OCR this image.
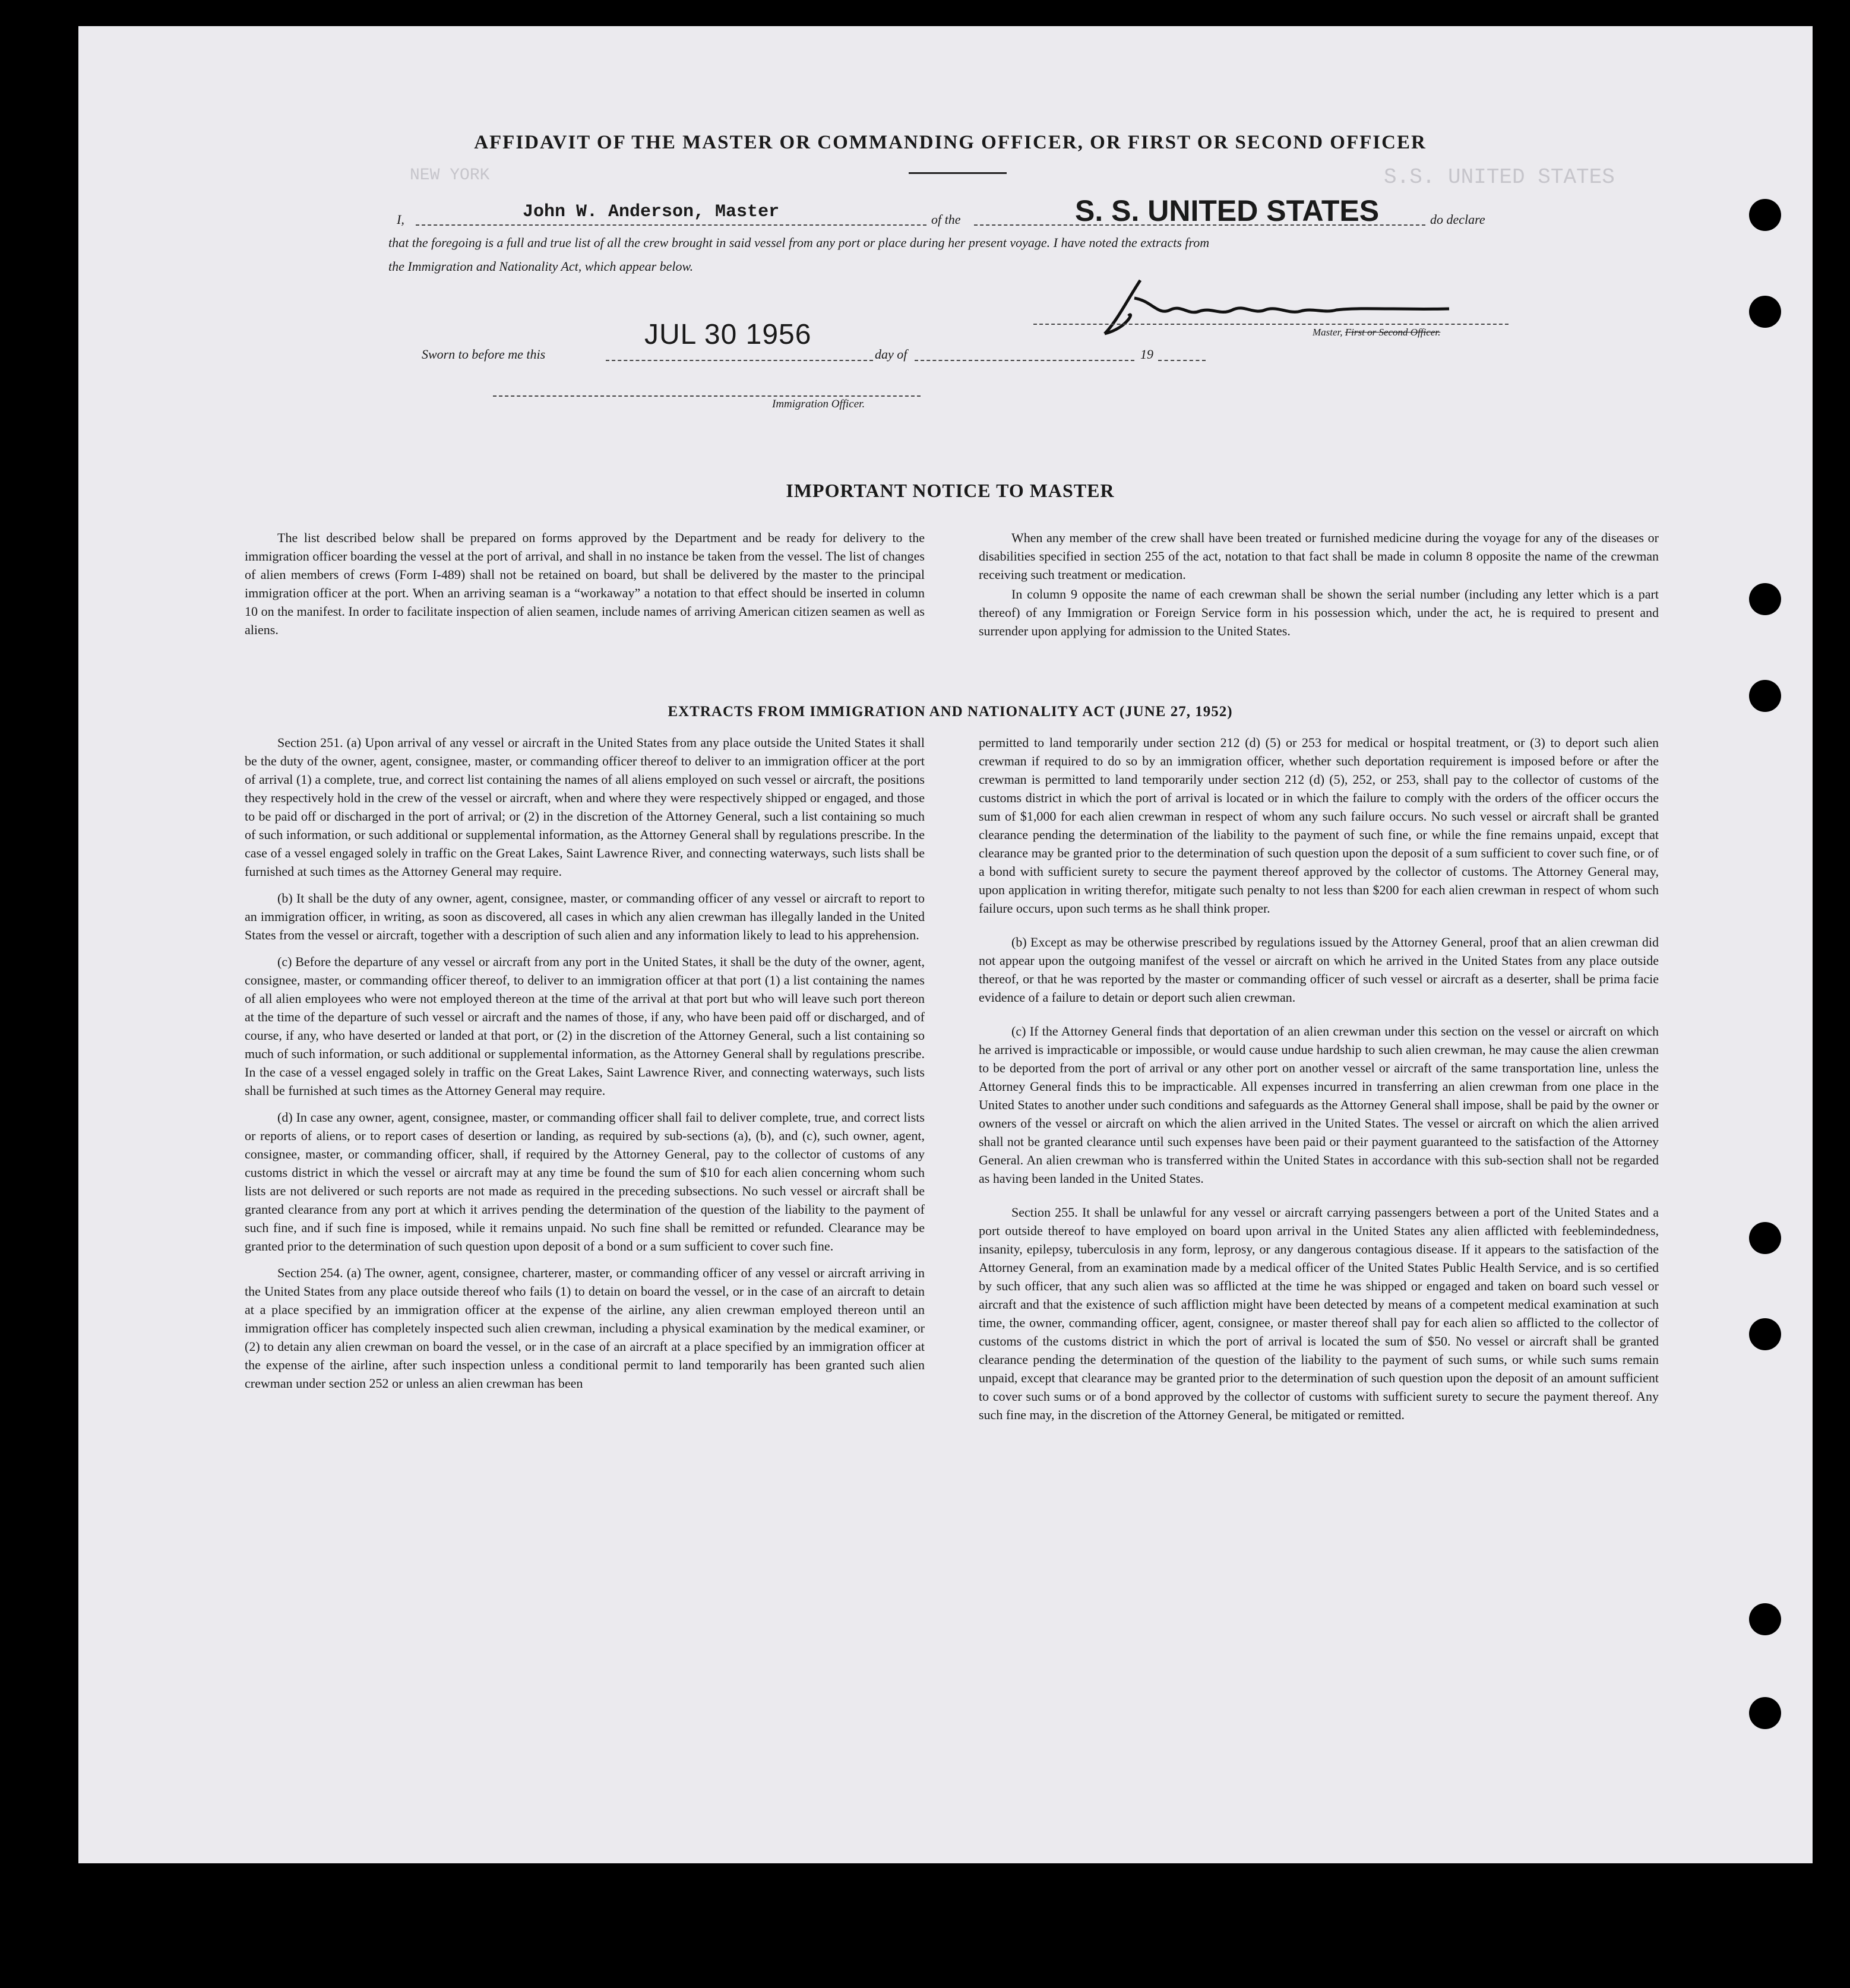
NEW YORK	S.S. UNITED STATES
AFFIDAVIT OF THE MASTER OR COMMANDING OFFICER, OR FIRST OR SECOND OFFICER
I,	John W. Anderson, Master	of the	S. S. UNITED STATES	do declare

that the foregoing is a full and true list of all the crew brought in said vessel from any port or place during her present voyage. I have noted the extracts from

the Immigration and Nationality Act, which appear below.

Master, First or Second Officer.
Sworn to before me this
JUL 30 1956
day of	19
Immigration Officer.
IMPORTANT NOTICE TO MASTER

The list described below shall be prepared on forms approved by the Department and be ready for delivery to the immigration officer boarding the vessel at the port of arrival, and shall in no instance be taken from the vessel. The list of changes of alien members of crews (Form I-489) shall not be retained on board, but shall be delivered by the master to the principal immigration officer at the port. When an arriving seaman is a “workaway” a notation to that effect should be inserted in column 10 on the manifest. In order to facilitate inspection of alien seamen, include names of arriving American citizen seamen as well as aliens.

When any member of the crew shall have been treated or furnished medicine during the voyage for any of the diseases or disabilities specified in section 255 of the act, notation to that fact shall be made in column 8 opposite the name of the crewman receiving such treatment or medication.

In column 9 opposite the name of each crewman shall be shown the serial number (including any letter which is a part thereof) of any Immigration or Foreign Service form in his possession which, under the act, he is required to present and surrender upon applying for admission to the United States.

EXTRACTS FROM IMMIGRATION AND NATIONALITY ACT (JUNE 27, 1952)

Section 251. (a) Upon arrival of any vessel or aircraft in the United States from any place outside the United States it shall be the duty of the owner, agent, consignee, master, or commanding officer thereof to deliver to an immigration officer at the port of arrival (1) a complete, true, and correct list containing the names of all aliens employed on such vessel or aircraft, the positions they respectively hold in the crew of the vessel or aircraft, when and where they were respectively shipped or engaged, and those to be paid off or discharged in the port of arrival; or (2) in the discretion of the Attorney General, such a list containing so much of such information, or such additional or supplemental information, as the Attorney General shall by regulations prescribe. In the case of a vessel engaged solely in traffic on the Great Lakes, Saint Lawrence River, and connecting waterways, such lists shall be furnished at such times as the Attorney General may require.

(b) It shall be the duty of any owner, agent, consignee, master, or commanding officer of any vessel or aircraft to report to an immigration officer, in writing, as soon as discovered, all cases in which any alien crewman has illegally landed in the United States from the vessel or aircraft, together with a description of such alien and any information likely to lead to his apprehension.

(c) Before the departure of any vessel or aircraft from any port in the United States, it shall be the duty of the owner, agent, consignee, master, or commanding officer thereof, to deliver to an immigration officer at that port (1) a list containing the names of all alien employees who were not employed thereon at the time of the arrival at that port but who will leave such port thereon at the time of the departure of such vessel or aircraft and the names of those, if any, who have been paid off or discharged, and of course, if any, who have deserted or landed at that port, or (2) in the discretion of the Attorney General, such a list containing so much of such information, or such additional or supplemental information, as the Attorney General shall by regulations prescribe. In the case of a vessel engaged solely in traffic on the Great Lakes, Saint Lawrence River, and connecting waterways, such lists shall be furnished at such times as the Attorney General may require.

(d) In case any owner, agent, consignee, master, or commanding officer shall fail to deliver complete, true, and correct lists or reports of aliens, or to report cases of desertion or landing, as required by sub-sections (a), (b), and (c), such owner, agent, consignee, master, or commanding officer, shall, if required by the Attorney General, pay to the collector of customs of any customs district in which the vessel or aircraft may at any time be found the sum of $10 for each alien concerning whom such lists are not delivered or such reports are not made as required in the preceding subsections. No such vessel or aircraft shall be granted clearance from any port at which it arrives pending the determination of the question of the liability to the payment of such fine, and if such fine is imposed, while it remains unpaid. No such fine shall be remitted or refunded. Clearance may be granted prior to the determination of such question upon deposit of a bond or a sum sufficient to cover such fine.

Section 254. (a) The owner, agent, consignee, charterer, master, or commanding officer of any vessel or aircraft arriving in the United States from any place outside thereof who fails (1) to detain on board the vessel, or in the case of an aircraft to detain at a place specified by an immigration officer at the expense of the airline, any alien crewman employed thereon until an immigration officer has completely inspected such alien crewman, including a physical examination by the medical examiner, or (2) to detain any alien crewman on board the vessel, or in the case of an aircraft at a place specified by an immigration officer at the expense of the airline, after such inspection unless a conditional permit to land temporarily has been granted such alien crewman under section 252 or unless an alien crewman has been

permitted to land temporarily under section 212 (d) (5) or 253 for medical or hospital treatment, or (3) to deport such alien crewman if required to do so by an immigration officer, whether such deportation requirement is imposed before or after the crewman is permitted to land temporarily under section 212 (d) (5), 252, or 253, shall pay to the collector of customs of the customs district in which the port of arrival is located or in which the failure to comply with the orders of the officer occurs the sum of $1,000 for each alien crewman in respect of whom any such failure occurs. No such vessel or aircraft shall be granted clearance pending the determination of the liability to the payment of such fine, or while the fine remains unpaid, except that clearance may be granted prior to the determination of such question upon the deposit of a sum sufficient to cover such fine, or of a bond with sufficient surety to secure the payment thereof approved by the collector of customs. The Attorney General may, upon application in writing therefor, mitigate such penalty to not less than $200 for each alien crewman in respect of whom such failure occurs, upon such terms as he shall think proper.

(b) Except as may be otherwise prescribed by regulations issued by the Attorney General, proof that an alien crewman did not appear upon the outgoing manifest of the vessel or aircraft on which he arrived in the United States from any place outside thereof, or that he was reported by the master or commanding officer of such vessel or aircraft as a deserter, shall be prima facie evidence of a failure to detain or deport such alien crewman.

(c) If the Attorney General finds that deportation of an alien crewman under this section on the vessel or aircraft on which he arrived is impracticable or impossible, or would cause undue hardship to such alien crewman, he may cause the alien crewman to be deported from the port of arrival or any other port on another vessel or aircraft of the same transportation line, unless the Attorney General finds this to be impracticable. All expenses incurred in transferring an alien crewman from one place in the United States to another under such conditions and safeguards as the Attorney General shall impose, shall be paid by the owner or owners of the vessel or aircraft on which the alien arrived in the United States. The vessel or aircraft on which the alien arrived shall not be granted clearance until such expenses have been paid or their payment guaranteed to the satisfaction of the Attorney General. An alien crewman who is transferred within the United States in accordance with this sub-section shall not be regarded as having been landed in the United States.

Section 255. It shall be unlawful for any vessel or aircraft carrying passengers between a port of the United States and a port outside thereof to have employed on board upon arrival in the United States any alien afflicted with feeblemindedness, insanity, epilepsy, tuberculosis in any form, leprosy, or any dangerous contagious disease. If it appears to the satisfaction of the Attorney General, from an examination made by a medical officer of the United States Public Health Service, and is so certified by such officer, that any such alien was so afflicted at the time he was shipped or engaged and taken on board such vessel or aircraft and that the existence of such affliction might have been detected by means of a competent medical examination at such time, the owner, commanding officer, agent, consignee, or master thereof shall pay for each alien so afflicted to the collector of customs of the customs district in which the port of arrival is located the sum of $50. No vessel or aircraft shall be granted clearance pending the determination of the question of the liability to the payment of such sums, or while such sums remain unpaid, except that clearance may be granted prior to the determination of such question upon the deposit of an amount sufficient to cover such sums or of a bond approved by the collector of customs with sufficient surety to secure the payment thereof. Any such fine may, in the discretion of the Attorney General, be mitigated or remitted.
